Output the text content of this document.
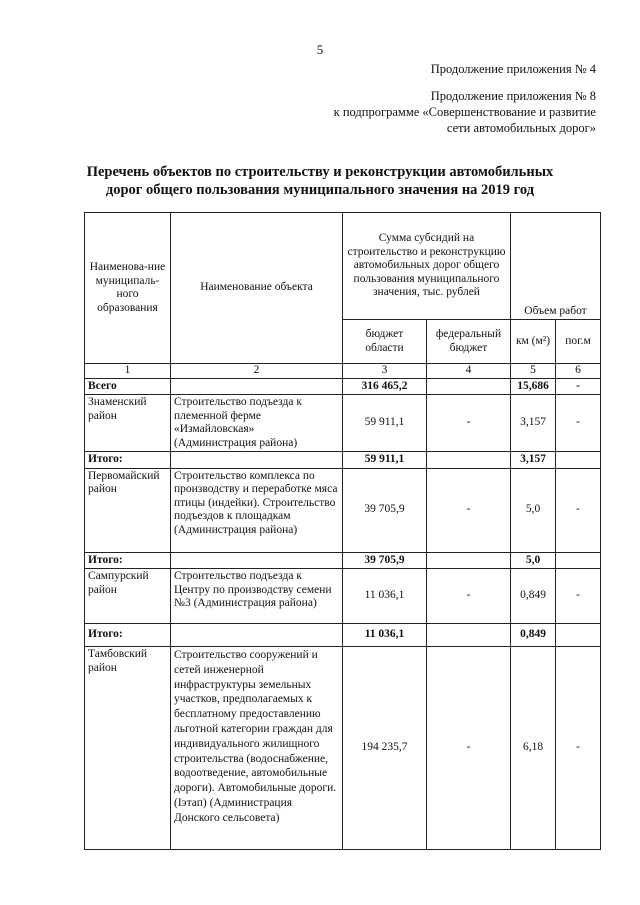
5
Продолжение приложения № 4
Продолжение приложения № 8
к подпрограмме «Совершенствование и развитие
сети автомобильных дорог»
Перечень объектов по строительству и реконструкции автомобильных
дорог общего пользования муниципального значения на 2019 год
Наименова-ние муниципаль-ного образования	Наименование объекта	Сумма субсидий на строительство и реконструкцию автомобильных дорог общего пользования муниципального значения, тыс. рублей		Объем работ	
		бюджет области	федеральный бюджет	км (м²)	пог.м
1	2	3	4	5	6
Всего		316 465,2		15,686	-
Знаменский район	Строительство подъезда к племенной ферме «Измайловская» (Администрация района)	59 911,1	-	3,157	-
Итого:		59 911,1		3,157	
Первомайский район	Строительство комплекса по производству и переработке мяса птицы (индейки). Строительство подъездов к площадкам (Администрация района)	39 705,9	-	5,0	-
Итого:		39 705,9		5,0	
Сампурский район	Строительство подъезда к Центру по производству семени №3 (Администрация района)	11 036,1	-	0,849	-
Итого:		11 036,1		0,849	
Тамбовский район	Строительство сооружений и сетей инженерной инфраструктуры земельных участков, предполагаемых к бесплатному предоставлению льготной категории граждан для индивидуального жилищного строительства (водоснабжение, водоотведение, автомобильные дороги). Автомобильные дороги. (Iэтап) (Администрация Донского сельсовета)	194 235,7	-	6,18	-
